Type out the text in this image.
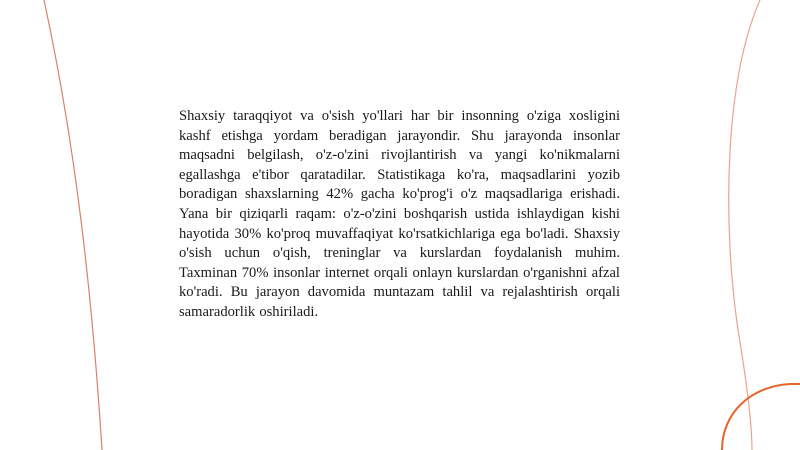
Shaxsiy taraqqiyot va o'sish yo'llari har bir insonning o'ziga xosligini kashf etishga yordam beradigan jarayondir. Shu jarayonda insonlar maqsadni belgilash, o'z-o'zini rivojlantirish va yangi ko'nikmalarni egallashga e'tibor qaratadilar. Statistikaga ko'ra, maqsadlarini yozib boradigan shaxslarning 42% gacha ko'prog'i o'z maqsadlariga erishadi. Yana bir qiziqarli raqam: o'z-o'zini boshqarish ustida ishlaydigan kishi hayotida 30% ko'proq muvaffaqiyat ko'rsatkichlariga ega bo'ladi. Shaxsiy o'sish uchun o'qish, treninglar va kurslardan foydalanish muhim. Taxminan 70% insonlar internet orqali onlayn kurslardan o'rganishni afzal ko'radi. Bu jarayon davomida muntazam tahlil va rejalashtirish orqali samaradorlik oshiriladi.
